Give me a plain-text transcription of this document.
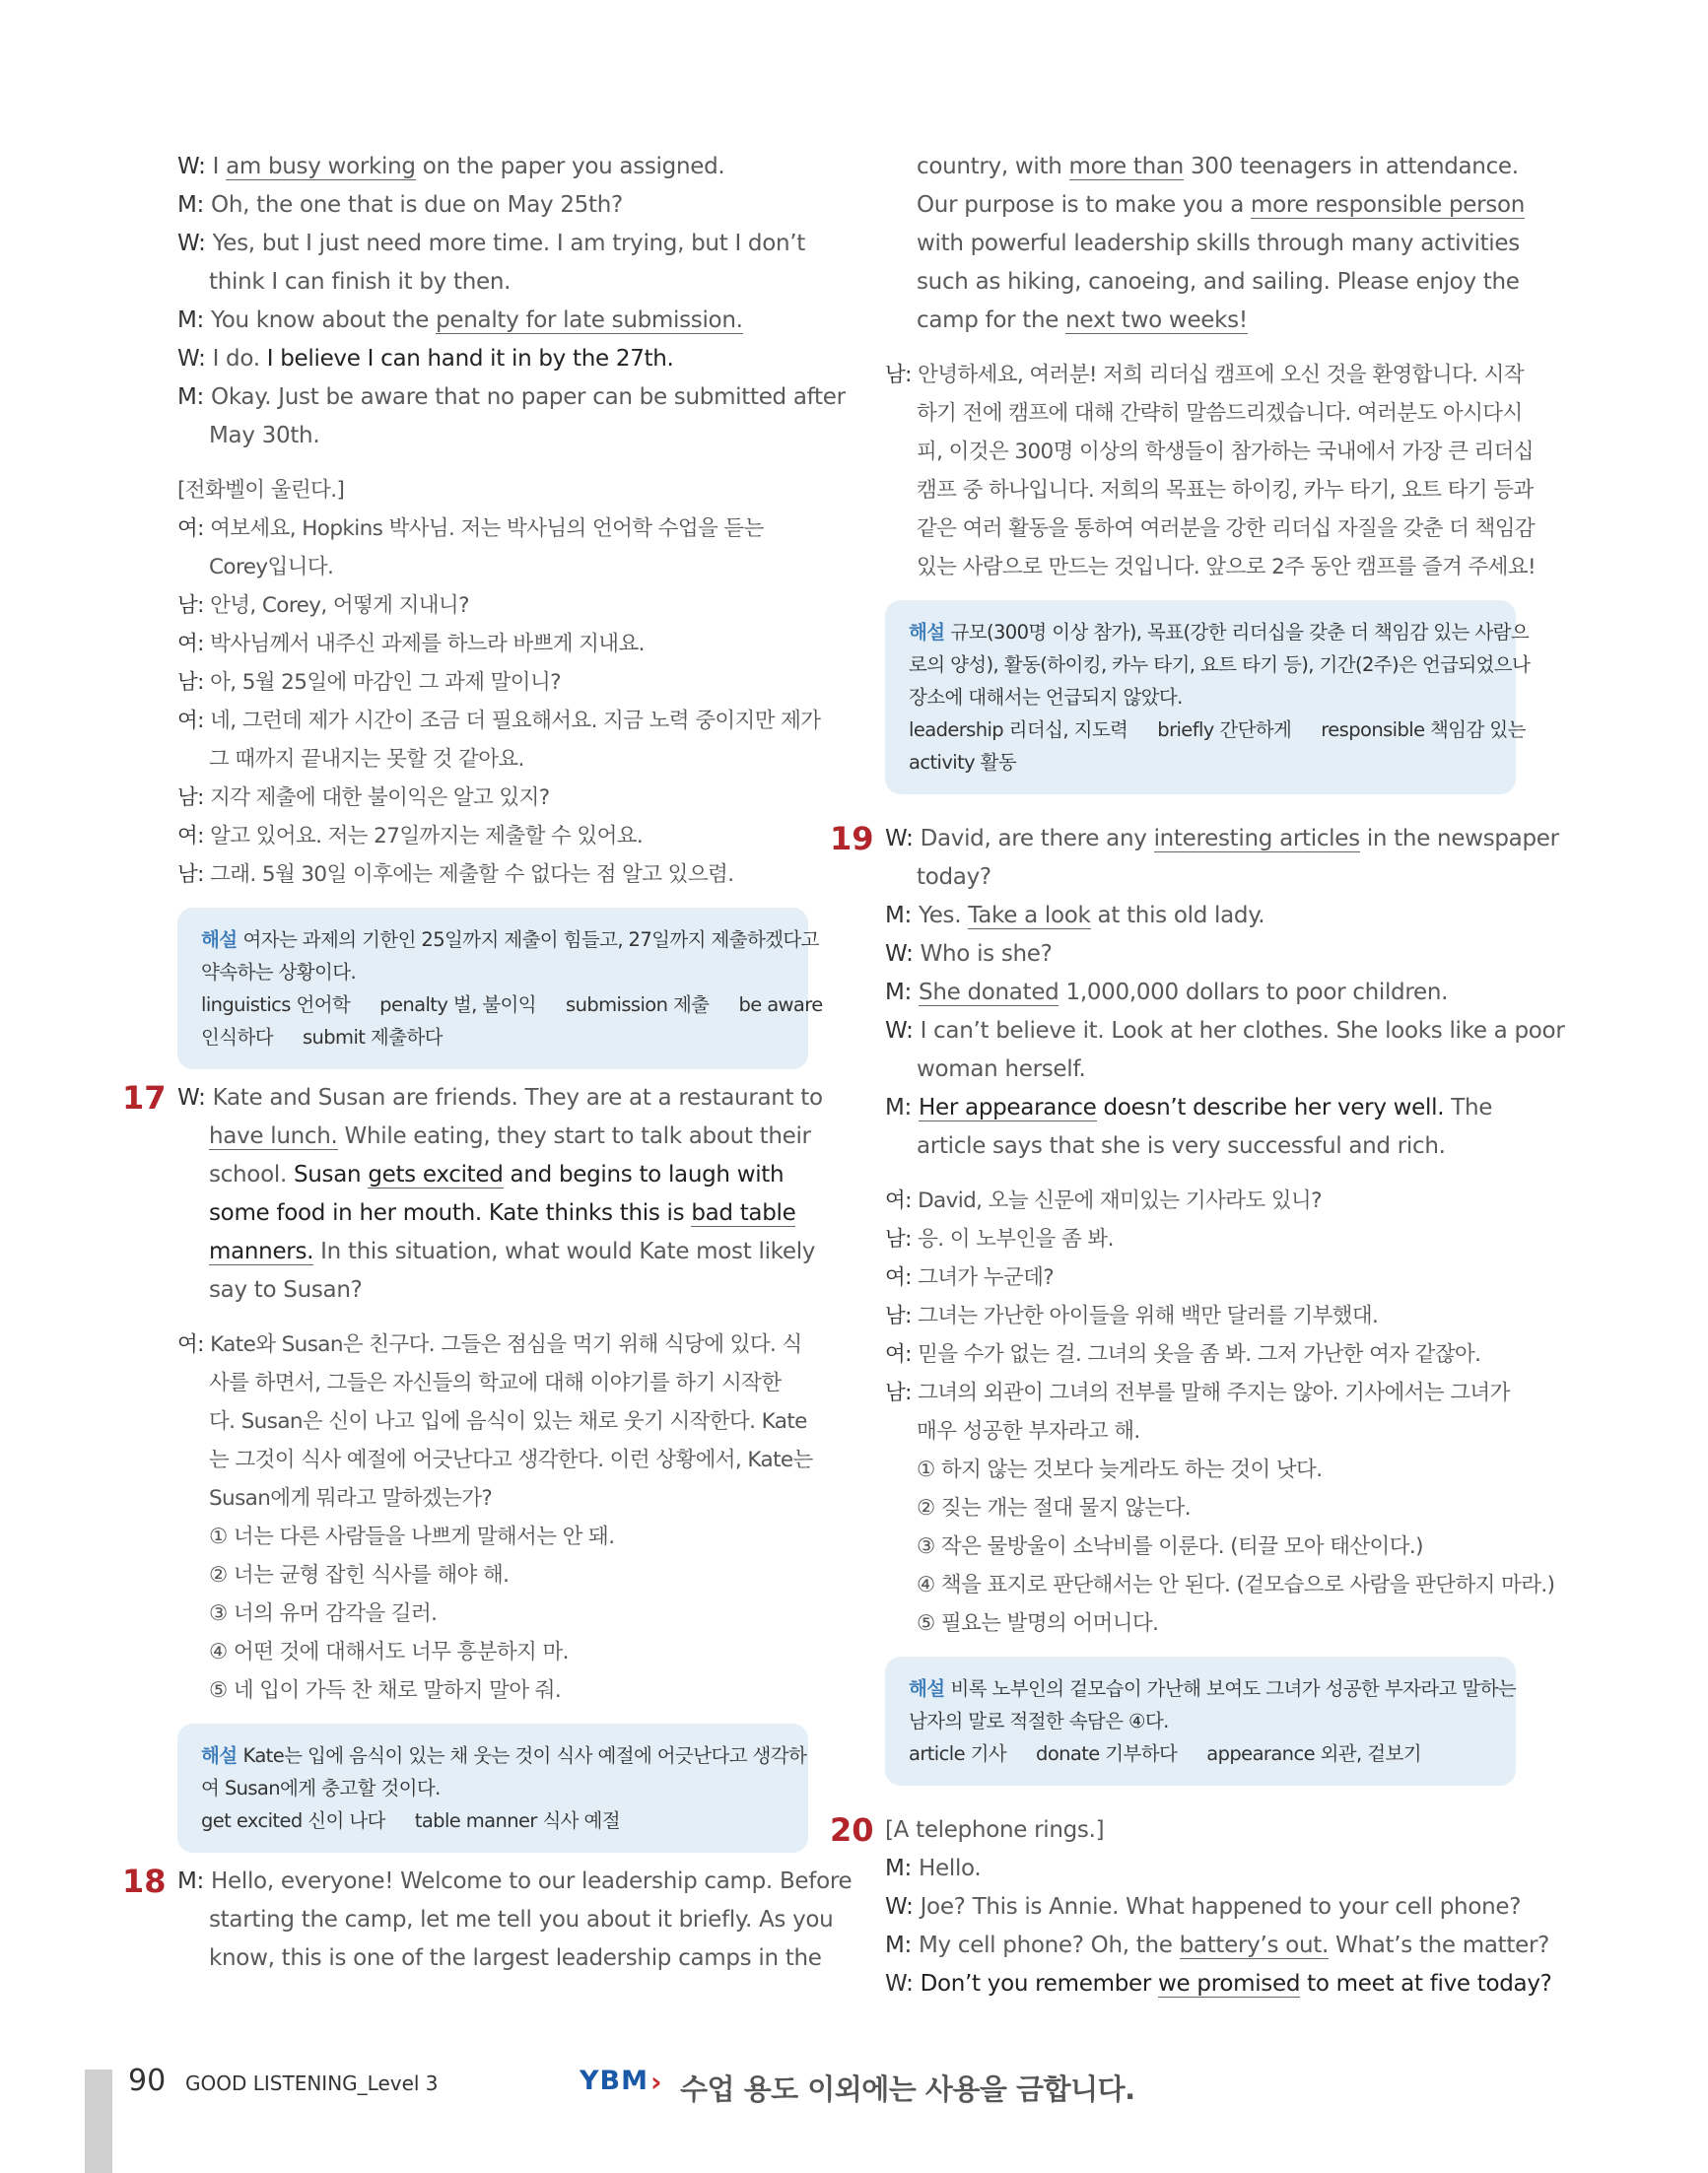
W: I am busy working on the paper you assigned.
M: Oh, the one that is due on May 25th?
W: Yes, but I just need more time. I am trying, but I don’t
think I can finish it by then.
M: You know about the penalty for late submission.
W: I do. I believe I can hand it in by the 27th.
M: Okay. Just be aware that no paper can be submitted after
May 30th.
[전화벨이 울린다.]
여: 여보세요, Hopkins 박사님. 저는 박사님의 언어학 수업을 듣는
Corey입니다.
남: 안녕, Corey, 어떻게 지내니?
여: 박사님께서 내주신 과제를 하느라 바쁘게 지내요.
남: 아, 5월 25일에 마감인 그 과제 말이니?
여: 네, 그런데 제가 시간이 조금 더 필요해서요. 지금 노력 중이지만 제가
그 때까지 끝내지는 못할 것 같아요.
남: 지각 제출에 대한 불이익은 알고 있지?
여: 알고 있어요. 저는 27일까지는 제출할 수 있어요.
남: 그래. 5월 30일 이후에는 제출할 수 없다는 점 알고 있으렴.
해설 여자는 과제의 기한인 25일까지 제출이 힘들고, 27일까지 제출하겠다고
약속하는 상황이다.
linguistics 언어학 penalty 벌, 불이익 submission 제출 be aware
인식하다 submit 제출하다
17 W: Kate and Susan are friends. They are at a restaurant to
have lunch. While eating, they start to talk about their
school. Susan gets excited and begins to laugh with
some food in her mouth. Kate thinks this is bad table
manners. In this situation, what would Kate most likely
say to Susan?
여: Kate와 Susan은 친구다. 그들은 점심을 먹기 위해 식당에 있다. 식
사를 하면서, 그들은 자신들의 학교에 대해 이야기를 하기 시작한
다. Susan은 신이 나고 입에 음식이 있는 채로 웃기 시작한다. Kate
는 그것이 식사 예절에 어긋난다고 생각한다. 이런 상황에서, Kate는
Susan에게 뭐라고 말하겠는가?
① 너는 다른 사람들을 나쁘게 말해서는 안 돼.
② 너는 균형 잡힌 식사를 해야 해.
③ 너의 유머 감각을 길러.
④ 어떤 것에 대해서도 너무 흥분하지 마.
⑤ 네 입이 가득 찬 채로 말하지 말아 줘.
해설 Kate는 입에 음식이 있는 채 웃는 것이 식사 예절에 어긋난다고 생각하
여 Susan에게 충고할 것이다.
get excited 신이 나다 table manner 식사 예절
18 M: Hello, everyone! Welcome to our leadership camp. Before
starting the camp, let me tell you about it briefly. As you
know, this is one of the largest leadership camps in the
country, with more than 300 teenagers in attendance.
Our purpose is to make you a more responsible person
with powerful leadership skills through many activities
such as hiking, canoeing, and sailing. Please enjoy the
camp for the next two weeks!
남: 안녕하세요, 여러분! 저희 리더십 캠프에 오신 것을 환영합니다. 시작
하기 전에 캠프에 대해 간략히 말씀드리겠습니다. 여러분도 아시다시
피, 이것은 300명 이상의 학생들이 참가하는 국내에서 가장 큰 리더십
캠프 중 하나입니다. 저희의 목표는 하이킹, 카누 타기, 요트 타기 등과
같은 여러 활동을 통하여 여러분을 강한 리더십 자질을 갖춘 더 책임감
있는 사람으로 만드는 것입니다. 앞으로 2주 동안 캠프를 즐겨 주세요!
해설 규모(300명 이상 참가), 목표(강한 리더십을 갖춘 더 책임감 있는 사람으
로의 양성), 활동(하이킹, 카누 타기, 요트 타기 등), 기간(2주)은 언급되었으나
장소에 대해서는 언급되지 않았다.
leadership 리더십, 지도력 briefly 간단하게 responsible 책임감 있는
activity 활동
19 W: David, are there any interesting articles in the newspaper
today?
M: Yes. Take a look at this old lady.
W: Who is she?
M: She donated 1,000,000 dollars to poor children.
W: I can’t believe it. Look at her clothes. She looks like a poor
woman herself.
M: Her appearance doesn’t describe her very well. The
article says that she is very successful and rich.
여: David, 오늘 신문에 재미있는 기사라도 있니?
남: 응. 이 노부인을 좀 봐.
여: 그녀가 누군데?
남: 그녀는 가난한 아이들을 위해 백만 달러를 기부했대.
여: 믿을 수가 없는 걸. 그녀의 옷을 좀 봐. 그저 가난한 여자 같잖아.
남: 그녀의 외관이 그녀의 전부를 말해 주지는 않아. 기사에서는 그녀가
매우 성공한 부자라고 해.
① 하지 않는 것보다 늦게라도 하는 것이 낫다.
② 짖는 개는 절대 물지 않는다.
③ 작은 물방울이 소낙비를 이룬다. (티끌 모아 태산이다.)
④ 책을 표지로 판단해서는 안 된다. (겉모습으로 사람을 판단하지 마라.)
⑤ 필요는 발명의 어머니다.
해설 비록 노부인의 겉모습이 가난해 보여도 그녀가 성공한 부자라고 말하는
남자의 말로 적절한 속담은 ④다.
article 기사 donate 기부하다 appearance 외관, 겉보기
20 [A telephone rings.]
M: Hello.
W: Joe? This is Annie. What happened to your cell phone?
M: My cell phone? Oh, the battery’s out. What’s the matter?
W: Don’t you remember we promised to meet at five today?
90 GOOD LISTENING_Level 3	YBM › 수업 용도 이외에는 사용을 금합니다.
